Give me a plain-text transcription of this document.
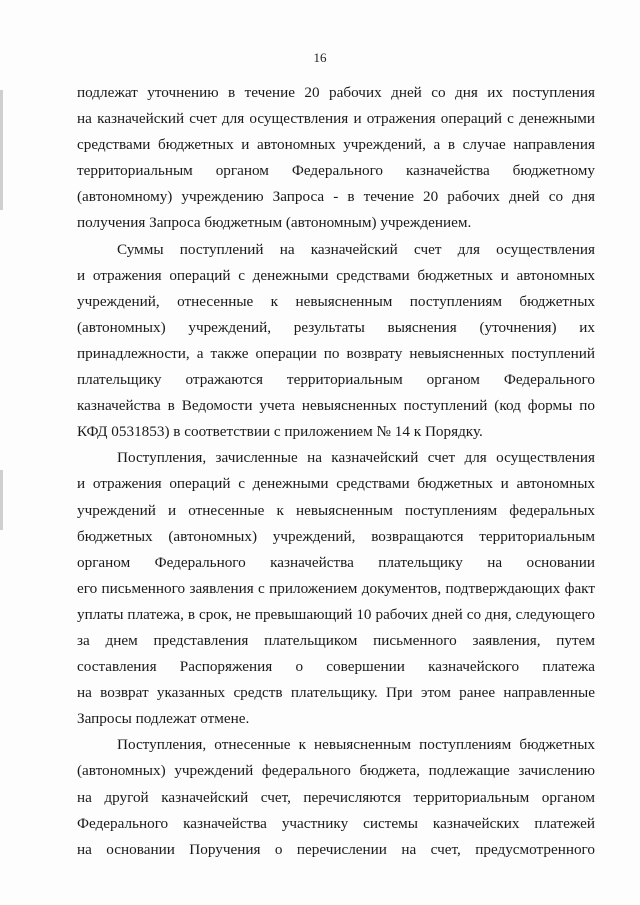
16
подлежат уточнению в течение 20 рабочих дней со дня их поступления
на казначейский счет для осуществления и отражения операций с денежными
средствами бюджетных и автономных учреждений, а в случае направления
территориальным органом Федерального казначейства бюджетному
(автономному) учреждению Запроса - в течение 20 рабочих дней со дня
получения Запроса бюджетным (автономным) учреждением.
Суммы поступлений на казначейский счет для осуществления
и отражения операций с денежными средствами бюджетных и автономных
учреждений, отнесенные к невыясненным поступлениям бюджетных
(автономных) учреждений, результаты выяснения (уточнения) их
принадлежности, а также операции по возврату невыясненных поступлений
плательщику отражаются территориальным органом Федерального
казначейства в Ведомости учета невыясненных поступлений (код формы по
КФД 0531853) в соответствии с приложением № 14 к Порядку.
Поступления, зачисленные на казначейский счет для осуществления
и отражения операций с денежными средствами бюджетных и автономных
учреждений и отнесенные к невыясненным поступлениям федеральных
бюджетных (автономных) учреждений, возвращаются территориальным
органом Федерального казначейства плательщику на основании
его письменного заявления с приложением документов, подтверждающих факт
уплаты платежа, в срок, не превышающий 10 рабочих дней со дня, следующего
за днем представления плательщиком письменного заявления, путем
составления Распоряжения о совершении казначейского платежа
на возврат указанных средств плательщику. При этом ранее направленные
Запросы подлежат отмене.
Поступления, отнесенные к невыясненным поступлениям бюджетных
(автономных) учреждений федерального бюджета, подлежащие зачислению
на другой казначейский счет, перечисляются территориальным органом
Федерального казначейства участнику системы казначейских платежей
на основании Поручения о перечислении на счет, предусмотренного
